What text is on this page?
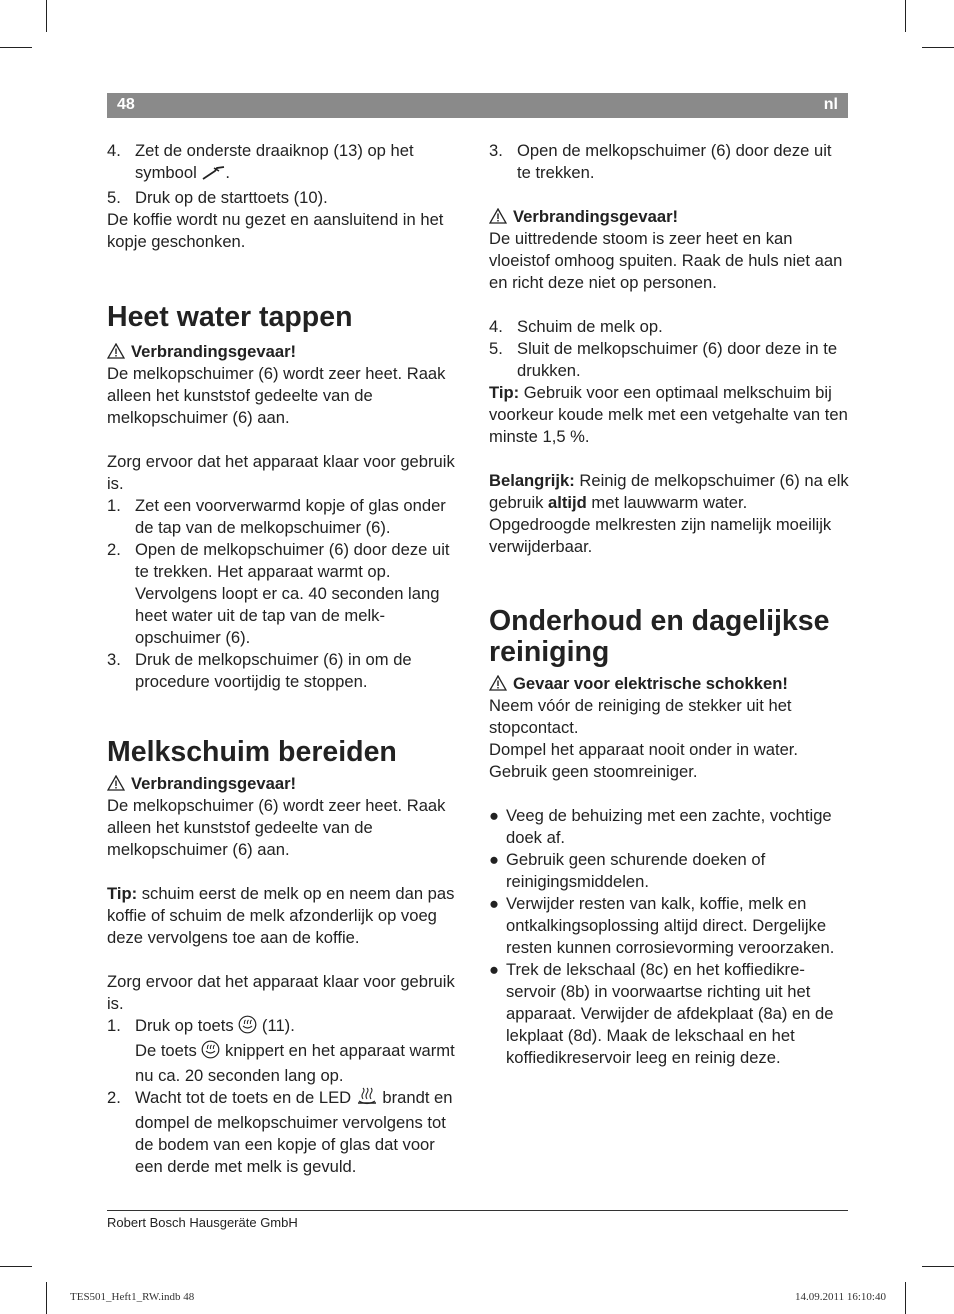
48	nl
4. Zet de onderste draaiknop (13) op het symbool .
5. Druk op de starttoets (10).

De koffie wordt nu gezet en aansluitend in het kopje geschonken.

Heet water tappen

Verbrandingsgevaar!

De melkopschuimer (6) wordt zeer heet. Raak alleen het kunststof gedeelte van de melkopschuimer (6) aan.

Zorg ervoor dat het apparaat klaar voor gebruik is.

1. Zet een voorverwarmd kopje of glas onder de tap van de melkopschuimer (6).
2. Open de melkopschuimer (6) door deze uit te trekken. Het apparaat warmt op. Vervolgens loopt er ca. 40 seconden lang heet water uit de tap van de melkopschuimer (6).
3. Druk de melkopschuimer (6) in om de procedure voortijdig te stoppen.
Melkschuim bereiden

Verbrandingsgevaar!

De melkopschuimer (6) wordt zeer heet. Raak alleen het kunststof gedeelte van de melkopschuimer (6) aan.

Tip: schuim eerst de melk op en neem dan pas koffie of schuim de melk afzonderlijk op voeg deze vervolgens toe aan de koffie.

Zorg ervoor dat het apparaat klaar voor gebruik is.

1. Druk op toets  (11).
De toets  knippert en het apparaat warmt nu ca. 20 seconden lang op.
2. Wacht tot de toets en de LED  brandt en dompel de melkopschuimer vervolgens tot de bodem van een kopje of glas dat voor een derde met melk is gevuld.
3. Open de melkopschuimer (6) door deze uit te trekken.

Verbrandingsgevaar!

De uittredende stoom is zeer heet en kan vloeistof omhoog spuiten. Raak de huls niet aan en richt deze niet op personen.

4. Schuim de melk op.
5. Sluit de melkopschuimer (6) door deze in te drukken.

Tip: Gebruik voor een optimaal melkschuim bij voorkeur koude melk met een vetgehalte van ten minste 1,5 %.

Belangrijk: Reinig de melkopschuimer (6) na elk gebruik altijd met lauwwarm water. Opgedroogde melkresten zijn namelijk moeilijk verwijderbaar.

Onderhoud en dagelijkse reiniging

Gevaar voor elektrische schokken!

Neem vóór de reiniging de stekker uit het stopcontact.

Dompel het apparaat nooit onder in water. Gebruik geen stoomreiniger.

● Veeg de behuizing met een zachte, vochtige doek af.
● Gebruik geen schurende doeken of reinigingsmiddelen.
● Verwijder resten van kalk, koffie, melk en ontkalkingsoplossing altijd direct. Dergelijke resten kunnen corrosievorming veroorzaken.
● Trek de lekschaal (8c) en het koffiedikreservoir (8b) in voorwaartse richting uit het apparaat. Verwijder de afdekplaat (8a) en de lekplaat (8d). Maak de lekschaal en het koffiedikreservoir leeg en reinig deze.
Robert Bosch Hausgeräte GmbH
TES501_Heft1_RW.indb 48	14.09.2011 16:10:40
